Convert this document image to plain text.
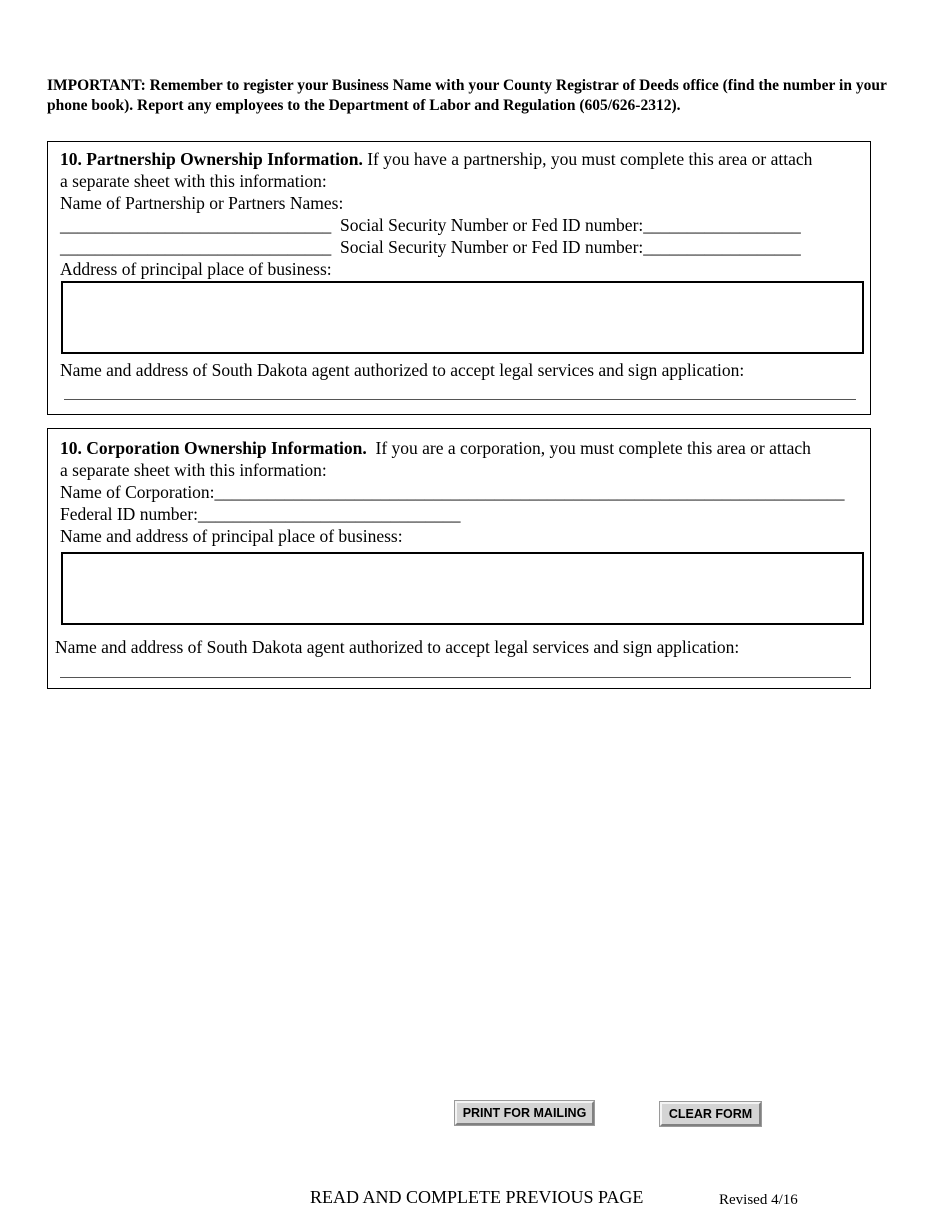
IMPORTANT: Remember to register your Business Name with your County Registrar of Deeds office (find the number in your phone book). Report any employees to the Department of Labor and Regulation (605/626-2312).
10. Partnership Ownership Information. If you have a partnership, you must complete this area or attach
a separate sheet with this information:
Name of Partnership or Partners Names:
_______________________________  Social Security Number or Fed ID number:__________________
_______________________________  Social Security Number or Fed ID number:__________________
Address of principal place of business:
Name and address of South Dakota agent authorized to accept legal services and sign application:
10. Corporation Ownership Information.  If you are a corporation, you must complete this area or attach
a separate sheet with this information:
Name of Corporation:________________________________________________________________________
Federal ID number:______________________________
Name and address of principal place of business:
Name and address of South Dakota agent authorized to accept legal services and sign application:
PRINT FOR MAILING	CLEAR FORM
READ AND COMPLETE PREVIOUS PAGE	Revised 4/16
